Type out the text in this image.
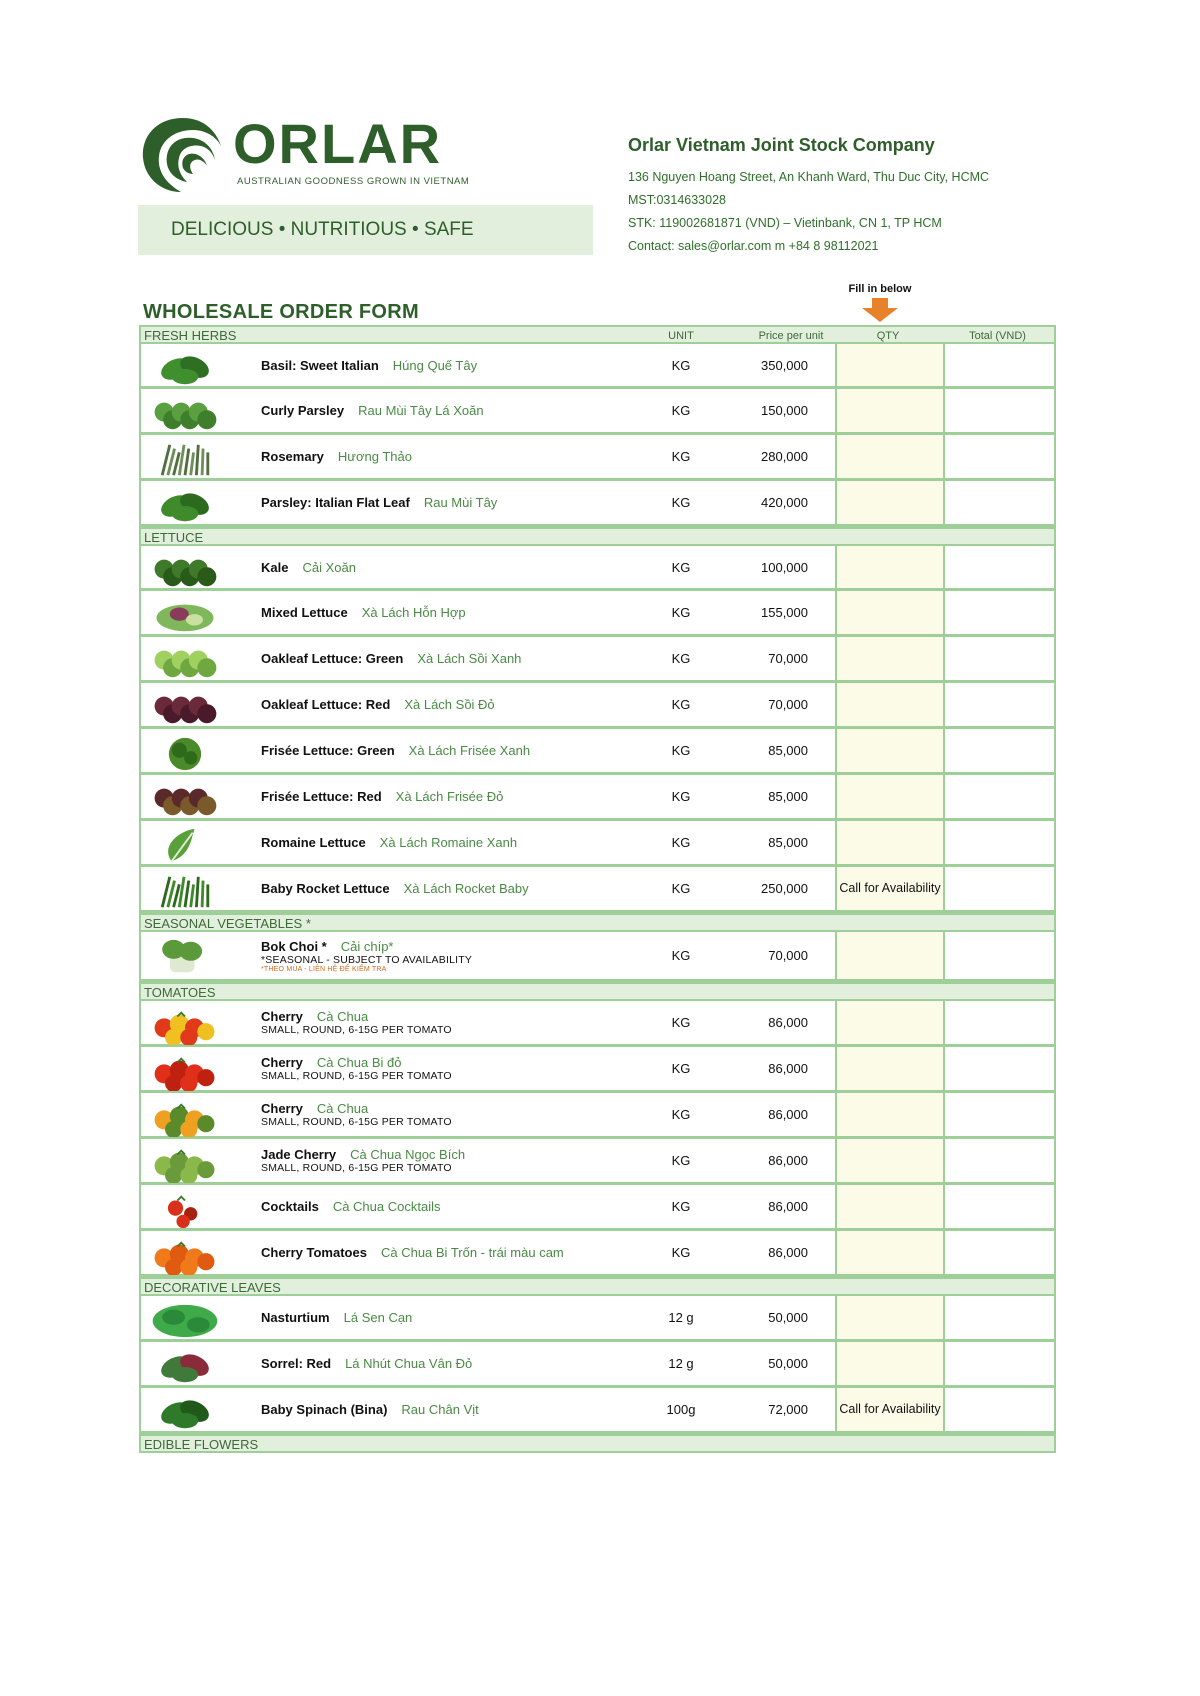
ORLAR
AUSTRALIAN GOODNESS GROWN IN VIETNAM
DELICIOUS • NUTRITIOUS • SAFE
Orlar Vietnam Joint Stock Company
136 Nguyen Hoang Street, An Khanh Ward, Thu Duc City, HCMC
MST:0314633028
STK: 119002681871 (VND) – Vietinbank, CN 1, TP HCM
Contact: sales@orlar.com m +84 8 98112021
Fill in below
WHOLESALE ORDER FORM
FRESH HERBS	UNIT	Price per unit	QTY	Total (VND)
Basil: Sweet Italian Húng Quế Tây	KG	350,000
Curly Parsley Rau Mùi Tây Lá Xoăn	KG	150,000
Rosemary Hương Thảo	KG	280,000
Parsley: Italian Flat Leaf Rau Mùi Tây	KG	420,000
LETTUCE
Kale Cải Xoăn	KG	100,000
Mixed Lettuce Xà Lách Hỗn Hợp	KG	155,000
Oakleaf Lettuce: Green Xà Lách Sồi Xanh	KG	70,000
Oakleaf Lettuce: Red Xà Lách Sồi Đỏ	KG	70,000
Frisée Lettuce: Green Xà Lách Frisée Xanh	KG	85,000
Frisée Lettuce: Red Xà Lách Frisée Đỏ	KG	85,000
Romaine Lettuce Xà Lách Romaine Xanh	KG	85,000
Baby Rocket Lettuce Xà Lách Rocket Baby	KG	250,000	Call for Availability
SEASONAL VEGETABLES *
Bok Choi * Cải chíp*
*SEASONAL - SUBJECT TO AVAILABILITY
*THEO MÙA - LIÊN HỆ ĐỂ KIỂM TRA
KG	70,000
TOMATOES
Cherry Cà Chua
SMALL, ROUND, 6-15G PER TOMATO	KG	86,000
Cherry Cà Chua Bi đỏ
SMALL, ROUND, 6-15G PER TOMATO	KG	86,000
Cherry Cà Chua
SMALL, ROUND, 6-15G PER TOMATO	KG	86,000
Jade Cherry Cà Chua Ngọc Bích
SMALL, ROUND, 6-15G PER TOMATO	KG	86,000
Cocktails Cà Chua Cocktails	KG	86,000
Cherry Tomatoes Cà Chua Bi Trốn - trái màu cam	KG	86,000
DECORATIVE LEAVES
Nasturtium Lá Sen Cạn	12 g	50,000
Sorrel: Red Lá Nhút Chua Vân Đỏ	12 g	50,000
Baby Spinach (Bina) Rau Chân Vịt	100g	72,000	Call for Availability
EDIBLE FLOWERS
